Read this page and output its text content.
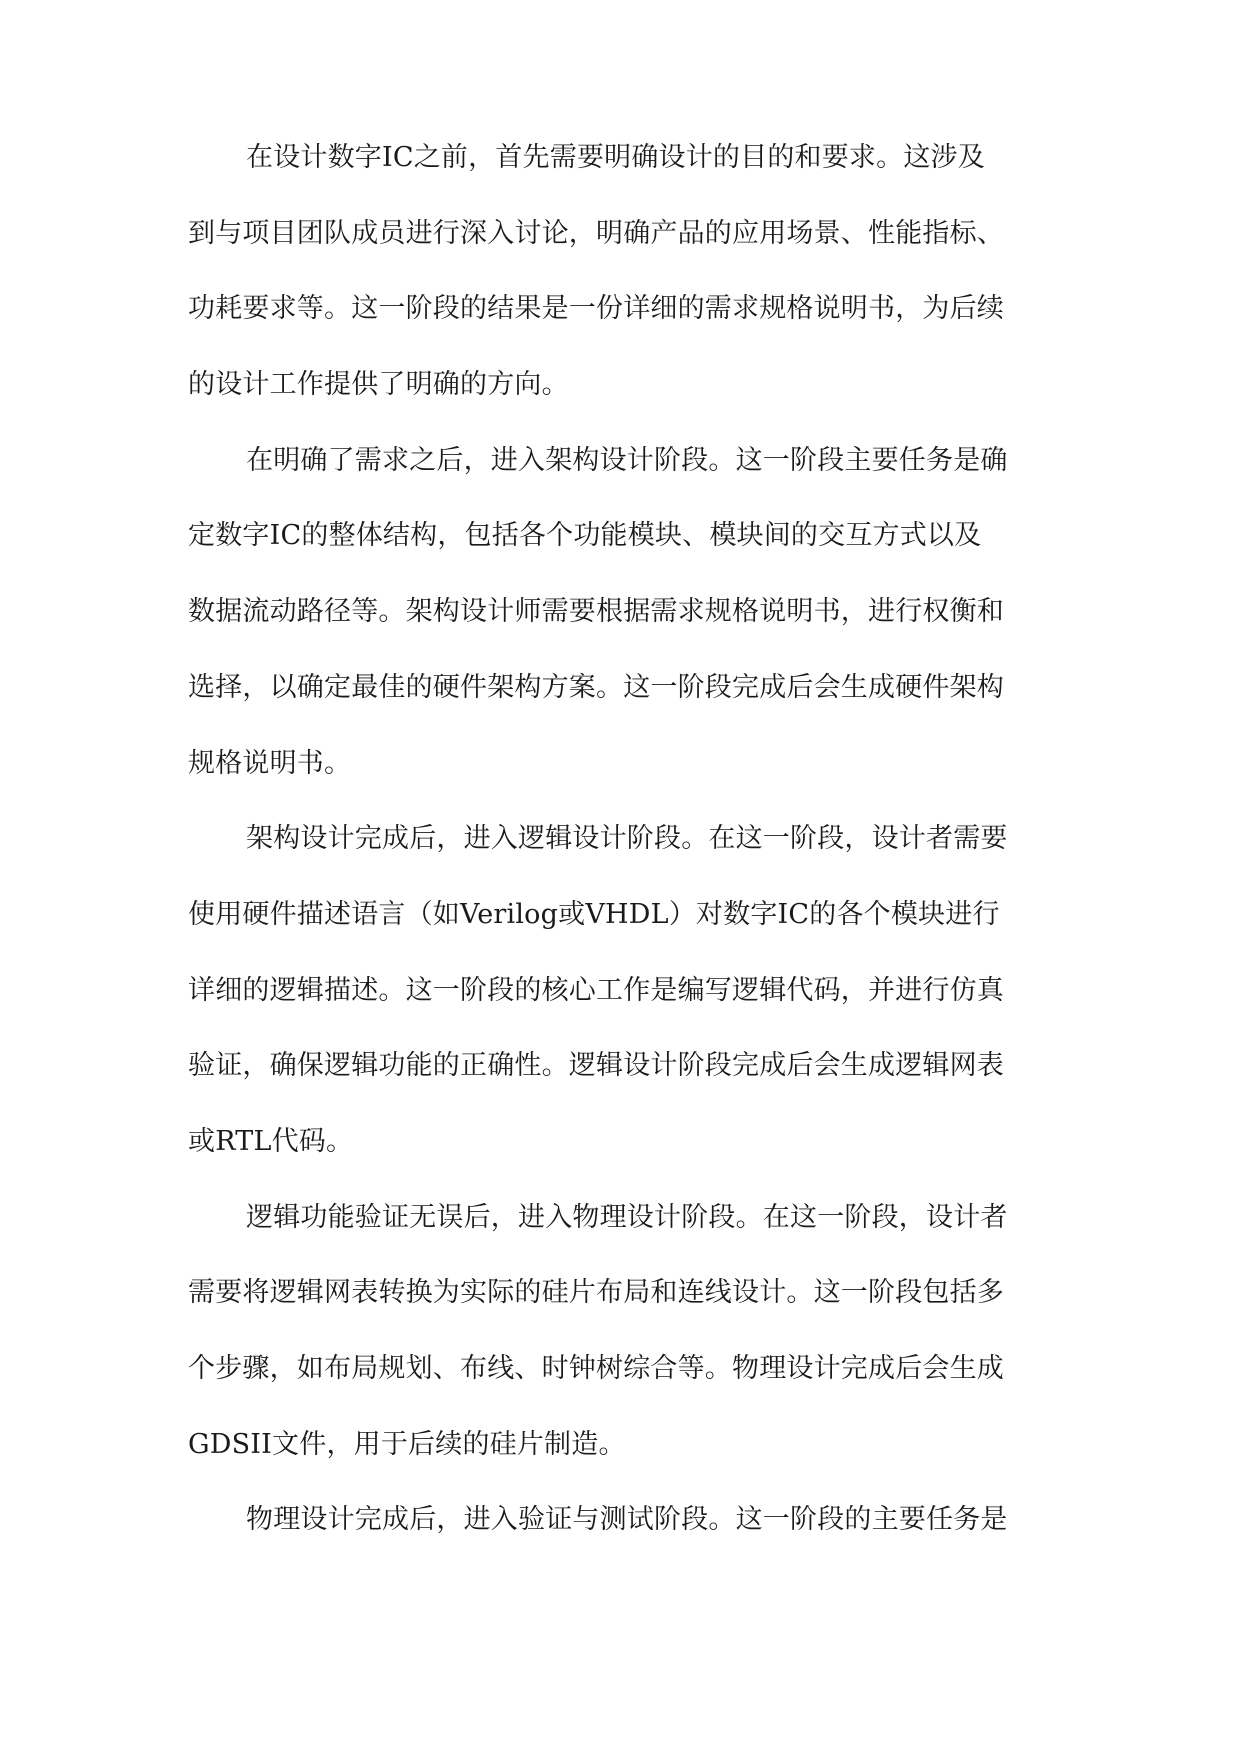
在设计数字IC之前，首先需要明确设计的目的和要求。这涉及
到与项目团队成员进行深入讨论，明确产品的应用场景、性能指标、
功耗要求等。这一阶段的结果是一份详细的需求规格说明书，为后续
的设计工作提供了明确的方向。
在明确了需求之后，进入架构设计阶段。这一阶段主要任务是确
定数字IC的整体结构，包括各个功能模块、模块间的交互方式以及
数据流动路径等。架构设计师需要根据需求规格说明书，进行权衡和
选择，以确定最佳的硬件架构方案。这一阶段完成后会生成硬件架构
规格说明书。
架构设计完成后，进入逻辑设计阶段。在这一阶段，设计者需要
使用硬件描述语言（如Verilog或VHDL）对数字IC的各个模块进行
详细的逻辑描述。这一阶段的核心工作是编写逻辑代码，并进行仿真
验证，确保逻辑功能的正确性。逻辑设计阶段完成后会生成逻辑网表
或RTL代码。
逻辑功能验证无误后，进入物理设计阶段。在这一阶段，设计者
需要将逻辑网表转换为实际的硅片布局和连线设计。这一阶段包括多
个步骤，如布局规划、布线、时钟树综合等。物理设计完成后会生成
GDSII文件，用于后续的硅片制造。
物理设计完成后，进入验证与测试阶段。这一阶段的主要任务是
